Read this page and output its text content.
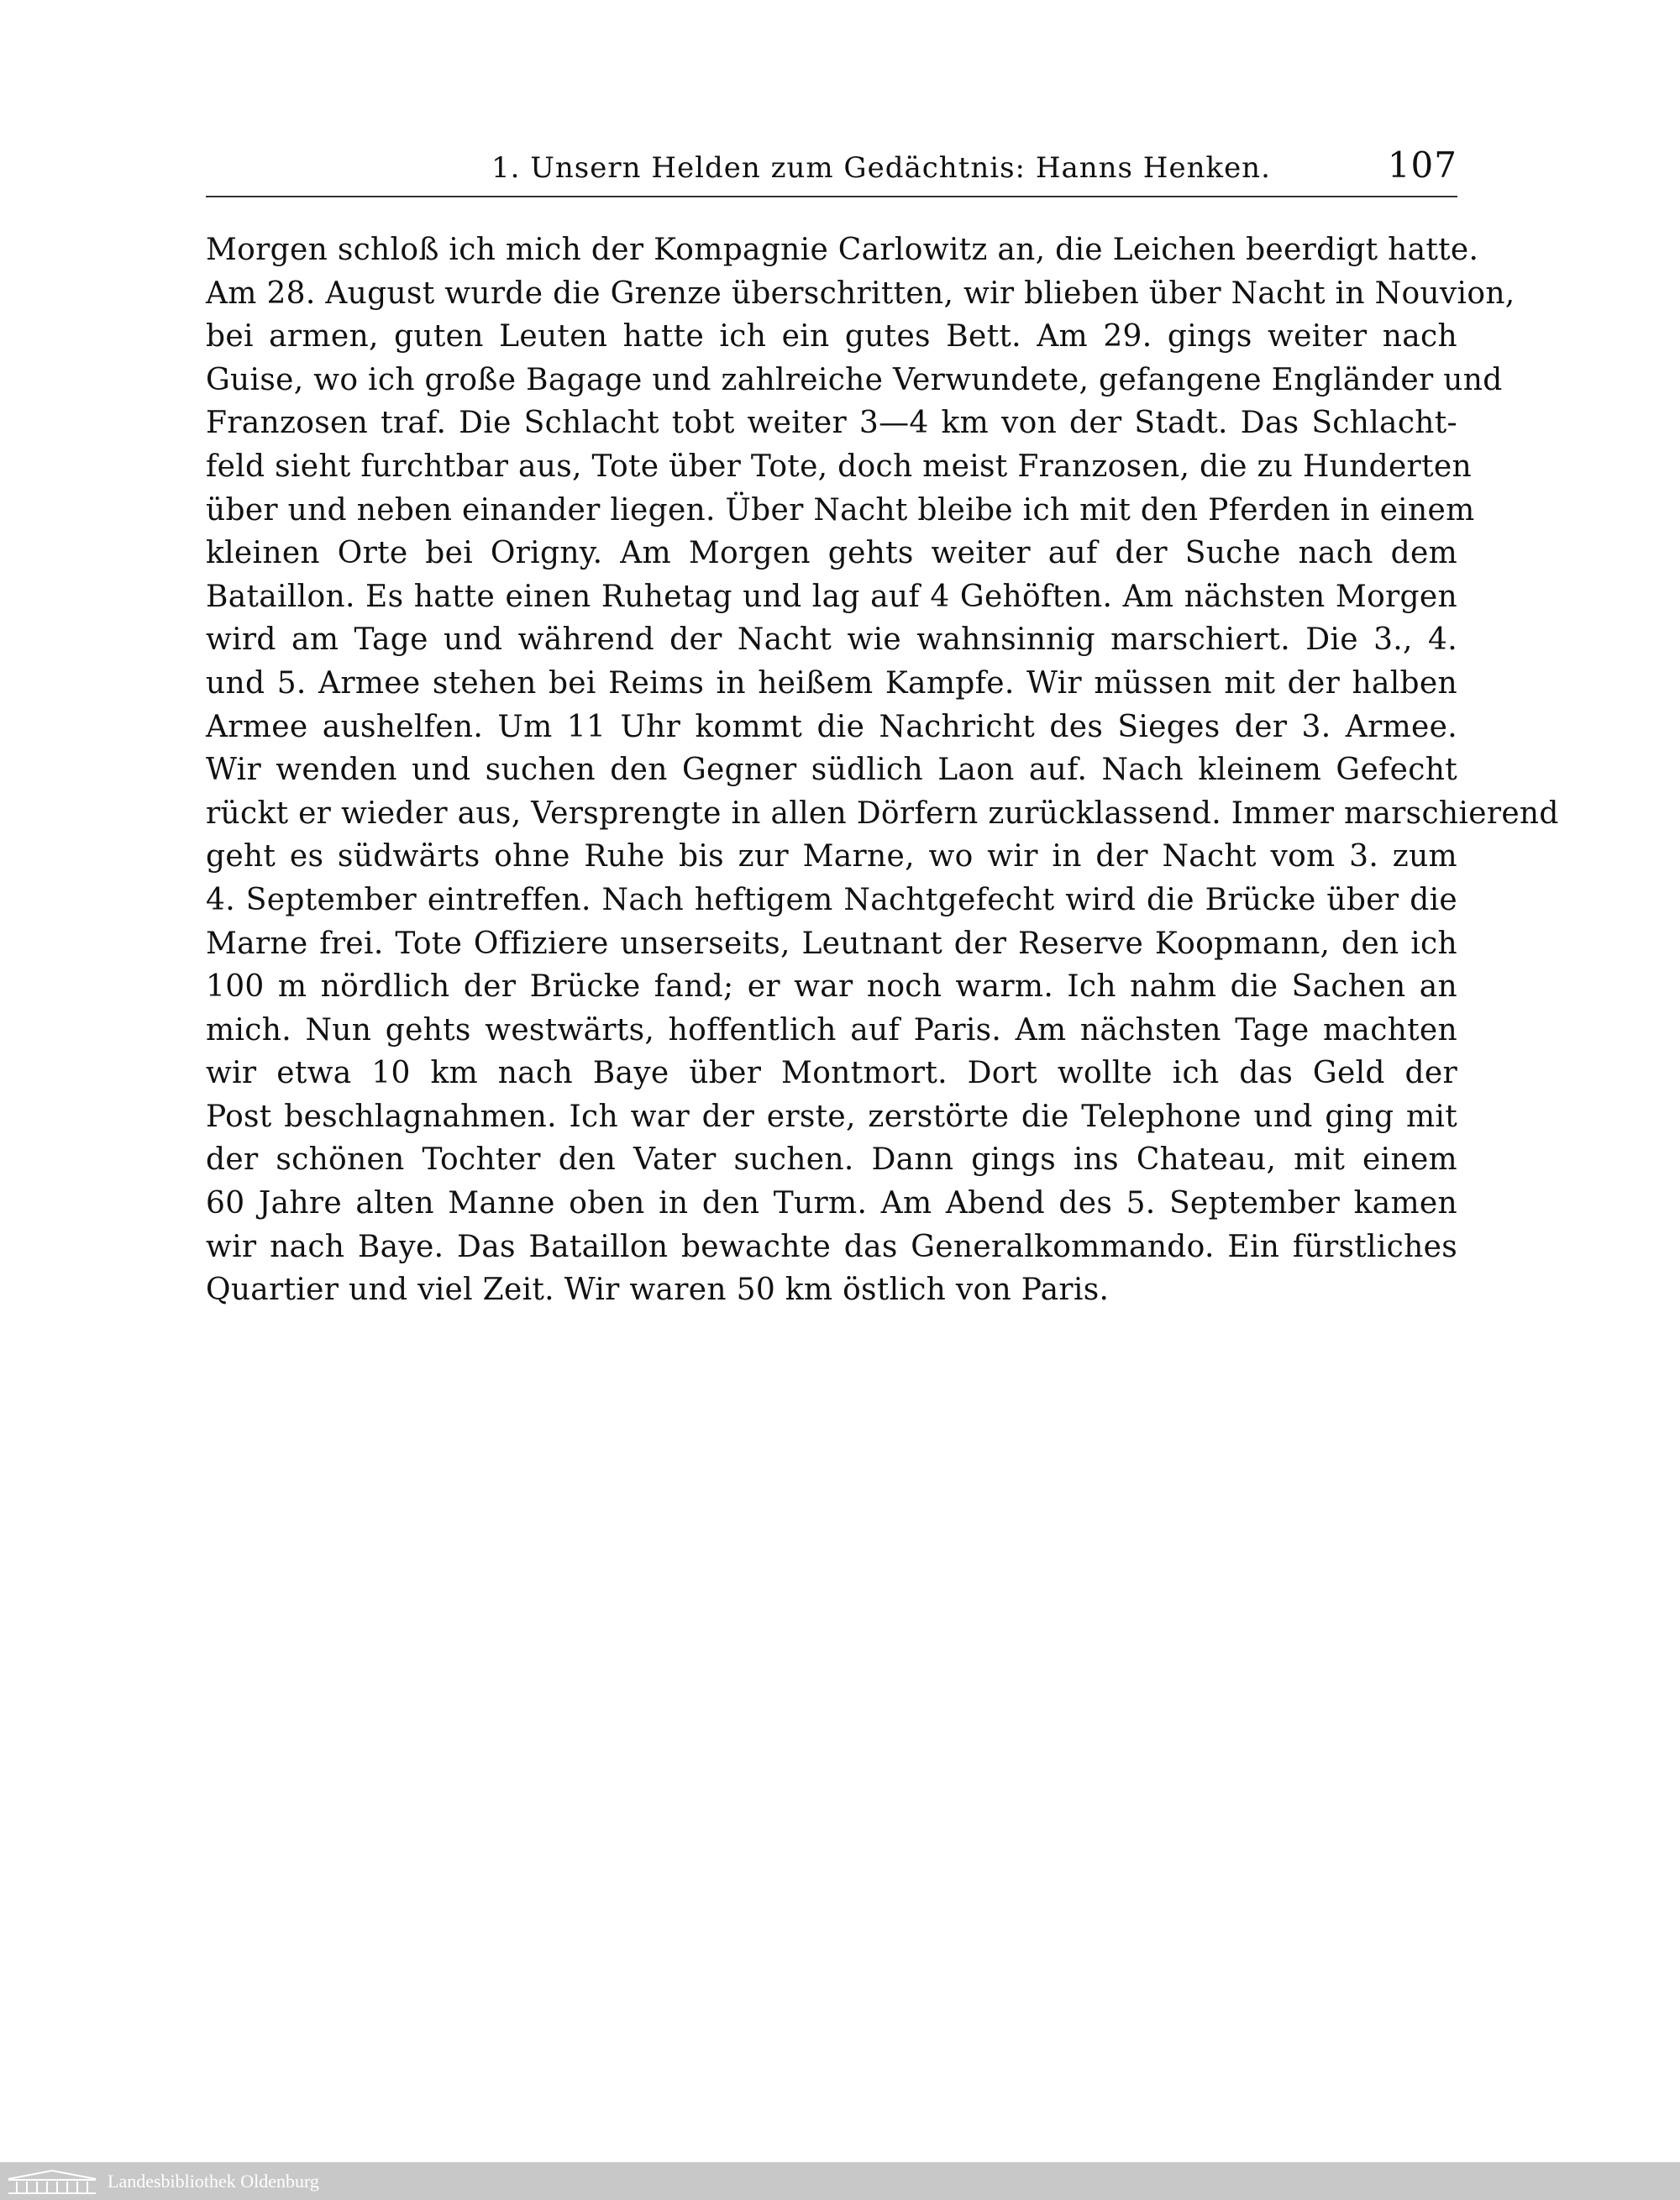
1. Unsern Helden zum Gedächtnis: Hanns Henken.	107
Morgen schloß ich mich der Kompagnie Carlowitz an, die Leichen beerdigt hatte.
Am 28. August wurde die Grenze überschritten, wir blieben über Nacht in Nouvion,
bei armen, guten Leuten hatte ich ein gutes Bett. Am 29. gings weiter nach
Guise, wo ich große Bagage und zahlreiche Verwundete, gefangene Engländer und
Franzosen traf. Die Schlacht tobt weiter 3—4 km von der Stadt. Das Schlacht-
feld sieht furchtbar aus, Tote über Tote, doch meist Franzosen, die zu Hunderten
über und neben einander liegen. Über Nacht bleibe ich mit den Pferden in einem
kleinen Orte bei Origny. Am Morgen gehts weiter auf der Suche nach dem
Bataillon. Es hatte einen Ruhetag und lag auf 4 Gehöften. Am nächsten Morgen
wird am Tage und während der Nacht wie wahnsinnig marschiert. Die 3., 4.
und 5. Armee stehen bei Reims in heißem Kampfe. Wir müssen mit der halben
Armee aushelfen. Um 11 Uhr kommt die Nachricht des Sieges der 3. Armee.
Wir wenden und suchen den Gegner südlich Laon auf. Nach kleinem Gefecht
rückt er wieder aus, Versprengte in allen Dörfern zurücklassend. Immer marschierend
geht es südwärts ohne Ruhe bis zur Marne, wo wir in der Nacht vom 3. zum
4. September eintreffen. Nach heftigem Nachtgefecht wird die Brücke über die
Marne frei. Tote Offiziere unserseits, Leutnant der Reserve Koopmann, den ich
100 m nördlich der Brücke fand; er war noch warm. Ich nahm die Sachen an
mich. Nun gehts westwärts, hoffentlich auf Paris. Am nächsten Tage machten
wir etwa 10 km nach Baye über Montmort. Dort wollte ich das Geld der
Post beschlagnahmen. Ich war der erste, zerstörte die Telephone und ging mit
der schönen Tochter den Vater suchen. Dann gings ins Chateau, mit einem
60 Jahre alten Manne oben in den Turm. Am Abend des 5. September kamen
wir nach Baye. Das Bataillon bewachte das Generalkommando. Ein fürstliches
Quartier und viel Zeit. Wir waren 50 km östlich von Paris.
Landesbibliothek Oldenburg
